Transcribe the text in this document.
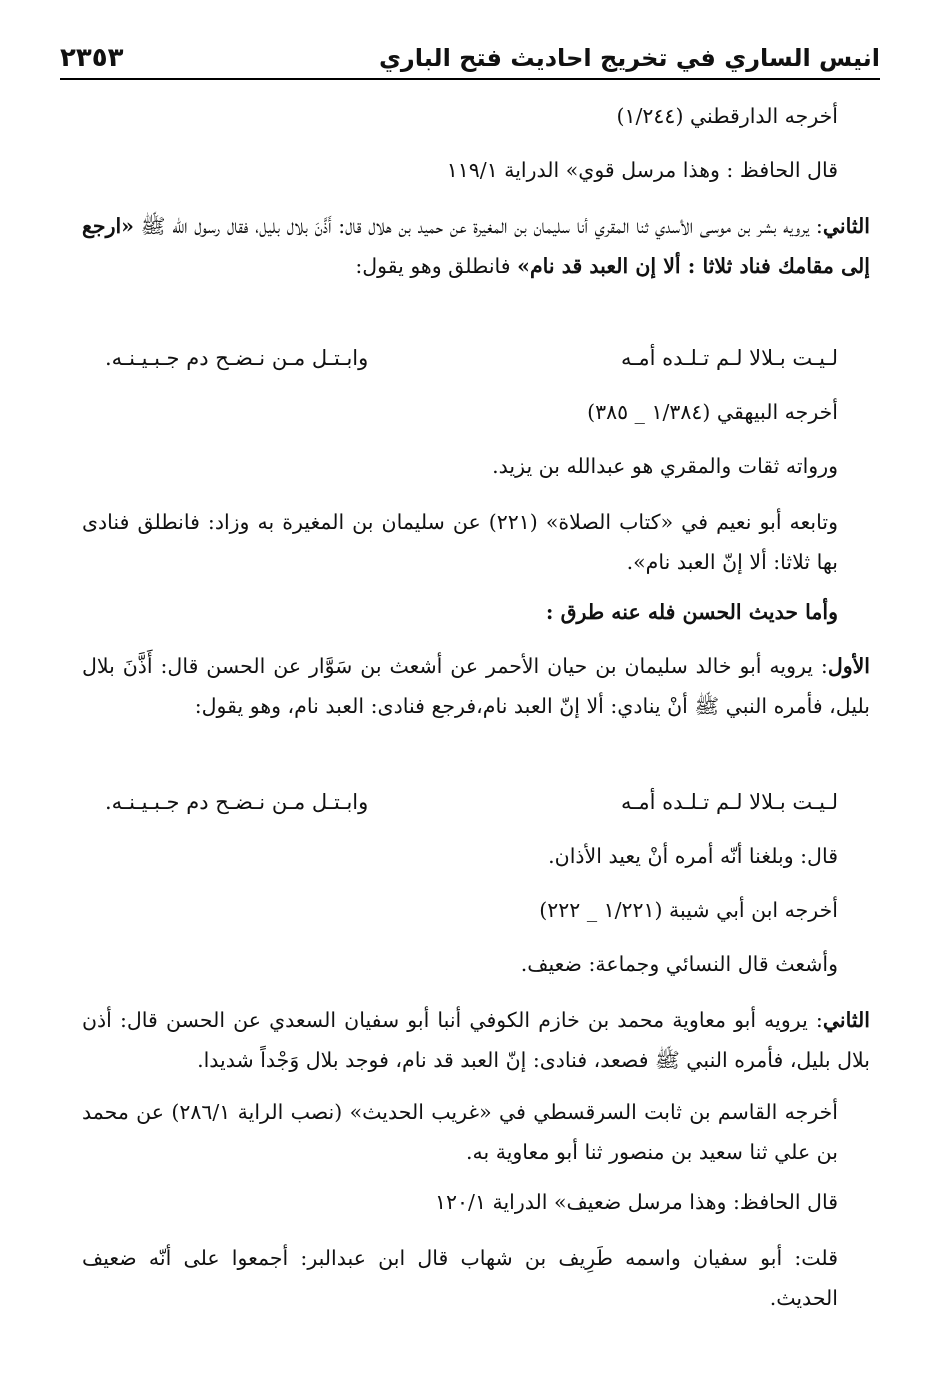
انيس الساري في تخريج احاديث فتح الباري
٢٣٥٣
أخرجه الدارقطني (١/٢٤٤)
قال الحافظ : وهذا مرسل قوي» الدراية ١١٩/١
الثاني: يرويه بشر بن موسى الأسدي ثنا المقري أنا سليمان بن المغيرة عن حميد بن هلال قال: أَذَّنَ بلال بليل، فقال رسول الله ﷺ «ارجع إلى مقامك فناد ثلاثا : ألا إن العبد قد نام» فانطلق وهو يقول:
لـيـت بـلالا لـم تـلـده أمـه
وابـتـل مـن نـضـح دم جـبـيـنـه.
أخرجه البيهقي (١/٣٨٤ _ ٣٨٥)
ورواته ثقات والمقري هو عبدالله بن يزيد.
وتابعه أبو نعيم في «كتاب الصلاة» (٢٢١) عن سليمان بن المغيرة به وزاد: فانطلق فنادى بها ثلاثا: ألا إنّ العبد نام».
وأما حديث الحسن فله عنه طرق :
الأول: يرويه أبو خالد سليمان بن حيان الأحمر عن أشعث بن سَوَّار عن الحسن قال: أَذَّنَ بلال بليل، فأمره النبي ﷺ أنْ ينادي: ألا إنّ العبد نام،فرجع فنادى: العبد نام، وهو يقول:
لـيـت بـلالا لـم تـلـده أمـه
وابـتـل مـن نـضـح دم جـبـيـنـه.
قال: وبلغنا أنّه أمره أنْ يعيد الأذان.
أخرجه ابن أبي شيبة (١/٢٢١ _ ٢٢٢)
وأشعث قال النسائي وجماعة: ضعيف.
الثاني: يرويه أبو معاوية محمد بن خازم الكوفي أنبا أبو سفيان السعدي عن الحسن قال: أذن بلال بليل، فأمره النبي ﷺ فصعد، فنادى: إنّ العبد قد نام، فوجد بلال وَجْداً شديدا.
أخرجه القاسم بن ثابت السرقسطي في «غريب الحديث» (نصب الراية ٢٨٦/١) عن محمد بن علي ثنا سعيد بن منصور ثنا أبو معاوية به.
قال الحافظ: وهذا مرسل ضعيف» الدراية ١٢٠/١
قلت: أبو سفيان واسمه طَرِيف بن شهاب قال ابن عبدالبر: أجمعوا على أنّه ضعيف الحديث.
